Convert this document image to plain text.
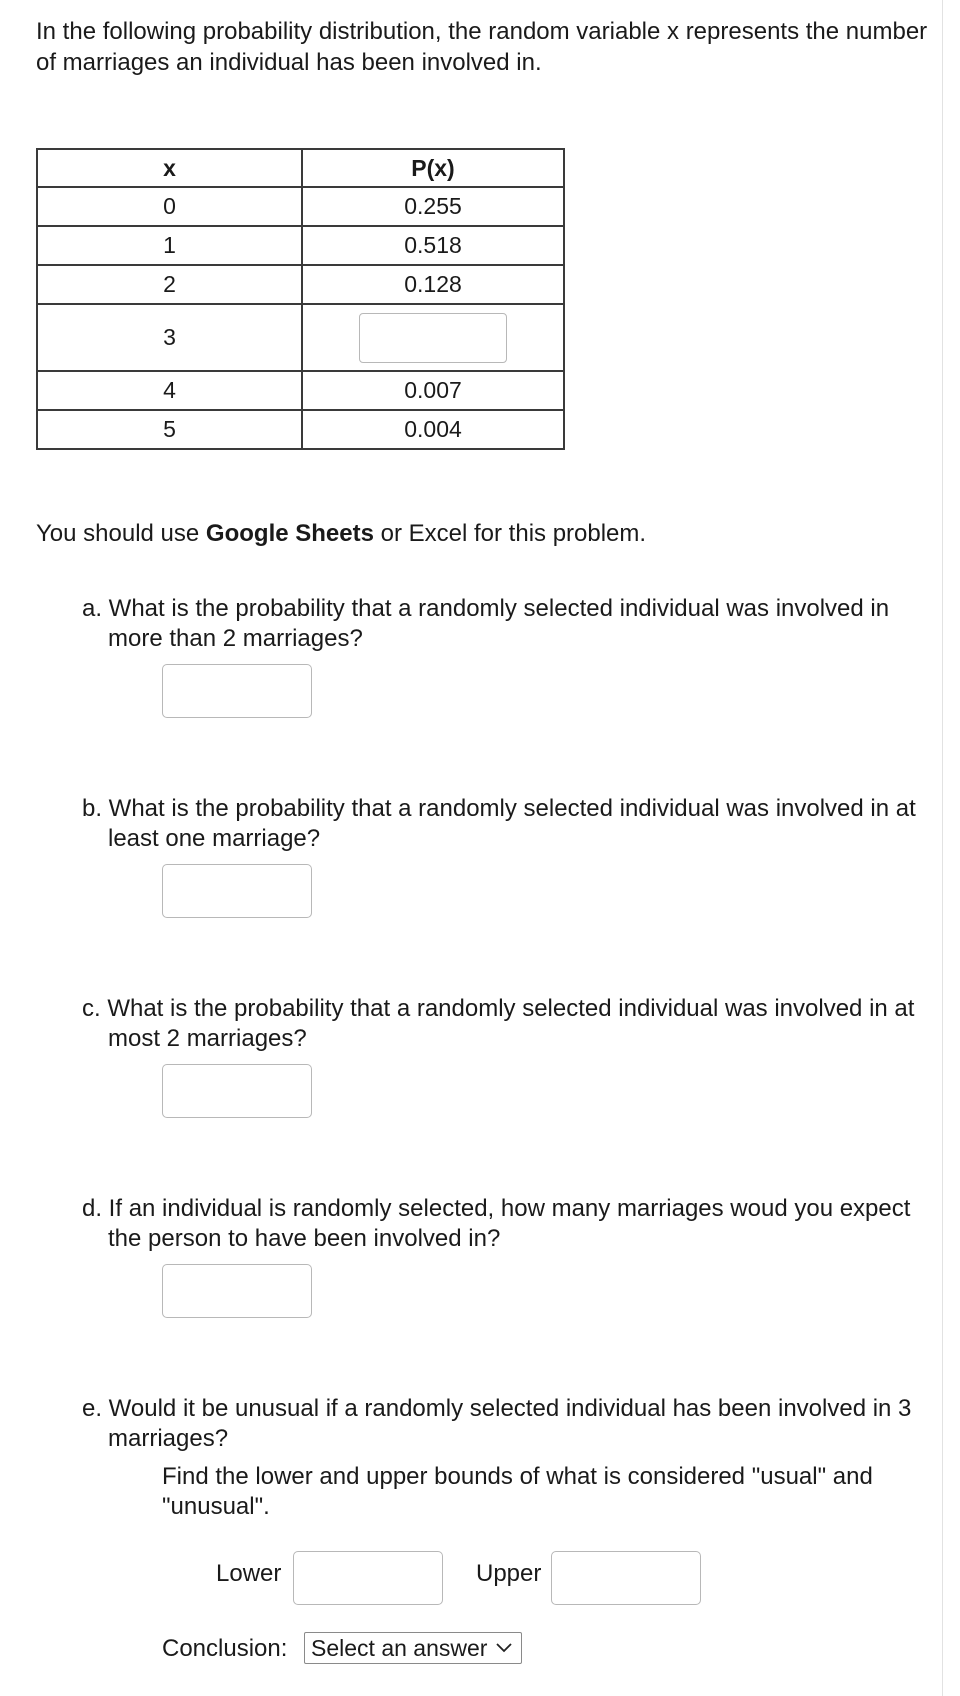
In the following probability distribution, the random variable x represents the number of marriages an individual has been involved in.

x	P(x)
0	0.255
1	0.518
2	0.128
3	
4	0.007
5	0.004

You should use Google Sheets or Excel for this problem.

a. What is the probability that a randomly selected individual was involved in more than 2 marriages?

b. What is the probability that a randomly selected individual was involved in at least one marriage?

c. What is the probability that a randomly selected individual was involved in at most 2 marriages?

d. If an individual is randomly selected, how many marriages woud you expect the person to have been involved in?

e. Would it be unusual if a randomly selected individual has been involved in 3 marriages?

Find the lower and upper bounds of what is considered "usual" and "unusual".

Lower	Upper
Conclusion: Select an answer
